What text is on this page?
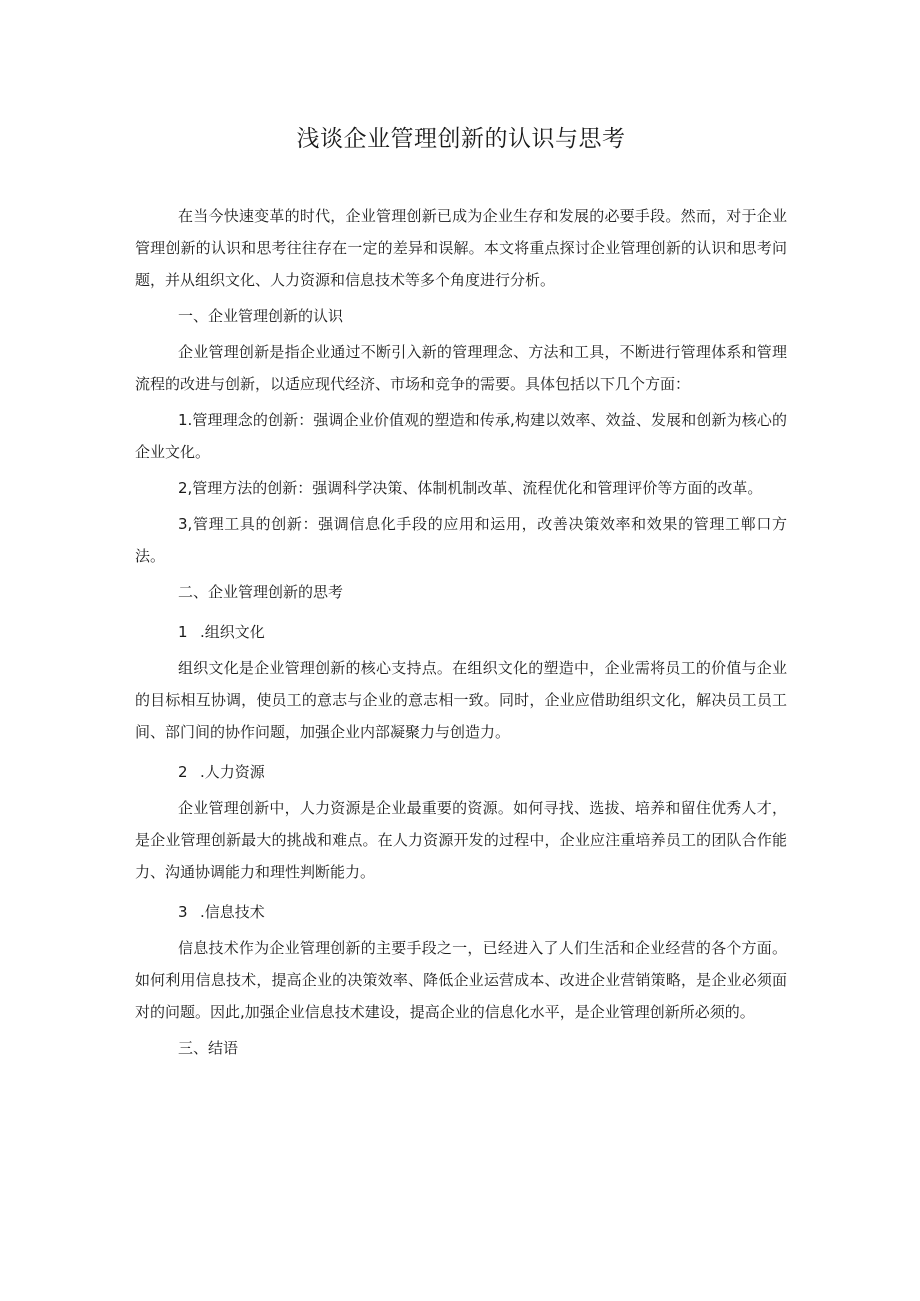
浅谈企业管理创新的认识与思考

在当今快速变革的时代，企业管理创新已成为企业生存和发展的必要手段。然而，对于企业管理创新的认识和思考往往存在一定的差异和误解。本文将重点探讨企业管理创新的认识和思考问题，并从组织文化、人力资源和信息技术等多个角度进行分析。

一、企业管理创新的认识

企业管理创新是指企业通过不断引入新的管理理念、方法和工具，不断进行管理体系和管理流程的改进与创新，以适应现代经济、市场和竞争的需要。具体包括以下几个方面：

1.管理理念的创新：强调企业价值观的塑造和传承,构建以效率、效益、发展和创新为核心的企业文化。

2,管理方法的创新：强调科学决策、体制机制改革、流程优化和管理评价等方面的改革。

3,管理工具的创新：强调信息化手段的应用和运用，改善决策效率和效果的管理工郸口方法。

二、企业管理创新的思考

1 .组织文化

组织文化是企业管理创新的核心支持点。在组织文化的塑造中，企业需将员工的价值与企业的目标相互协调，使员工的意志与企业的意志相一致。同时，企业应借助组织文化，解决员工员工间、部门间的协作问题，加强企业内部凝聚力与创造力。

2 .人力资源

企业管理创新中，人力资源是企业最重要的资源。如何寻找、选拔、培养和留住优秀人才，是企业管理创新最大的挑战和难点。在人力资源开发的过程中，企业应注重培养员工的团队合作能力、沟通协调能力和理性判断能力。

3 .信息技术

信息技术作为企业管理创新的主要手段之一，已经进入了人们生活和企业经营的各个方面。如何利用信息技术，提高企业的决策效率、降低企业运营成本、改进企业营销策略，是企业必须面对的问题。因此,加强企业信息技术建设，提高企业的信息化水平，是企业管理创新所必须的。

三、结语
